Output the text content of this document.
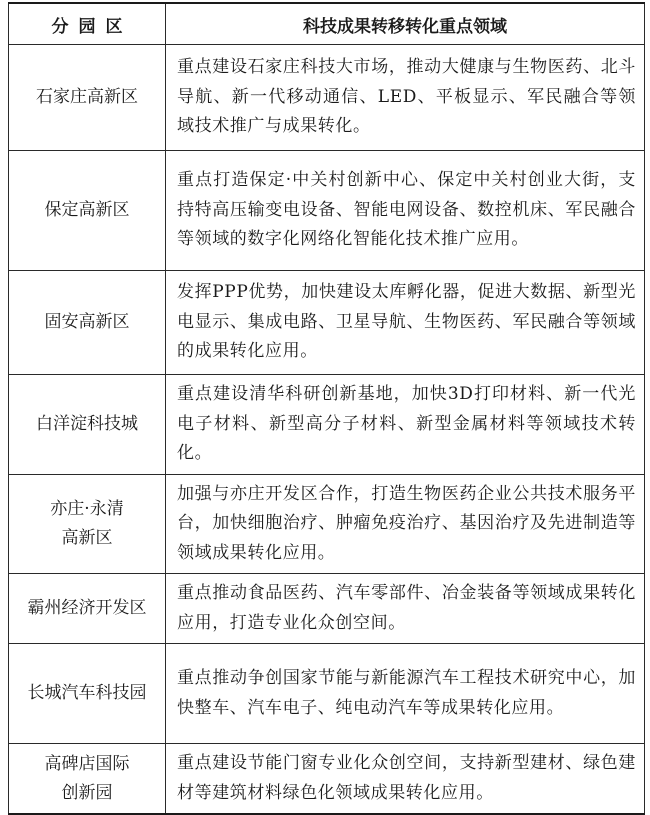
分园区	科技成果转移转化重点领域
石家庄高新区	重点建设石家庄科技大市场，推动大健康与生物医药、北斗导航、新一代移动通信、LED、平板显示、军民融合等领域技术推广与成果转化。
保定高新区	重点打造保定·中关村创新中心、保定中关村创业大街，支持特高压输变电设备、智能电网设备、数控机床、军民融合等领域的数字化网络化智能化技术推广应用。
固安高新区	发挥PPP优势，加快建设太库孵化器，促进大数据、新型光电显示、集成电路、卫星导航、生物医药、军民融合等领域的成果转化应用。
白洋淀科技城	重点建设清华科研创新基地，加快3D打印材料、新一代光电子材料、新型高分子材料、新型金属材料等领域技术转化。
亦庄·永清
高新区	加强与亦庄开发区合作，打造生物医药企业公共技术服务平台，加快细胞治疗、肿瘤免疫治疗、基因治疗及先进制造等领域成果转化应用。
霸州经济开发区	重点推动食品医药、汽车零部件、冶金装备等领域成果转化应用，打造专业化众创空间。
长城汽车科技园	重点推动争创国家节能与新能源汽车工程技术研究中心，加快整车、汽车电子、纯电动汽车等成果转化应用。
高碑店国际
创新园	重点建设节能门窗专业化众创空间，支持新型建材、绿色建材等建筑材料绿色化领域成果转化应用。
